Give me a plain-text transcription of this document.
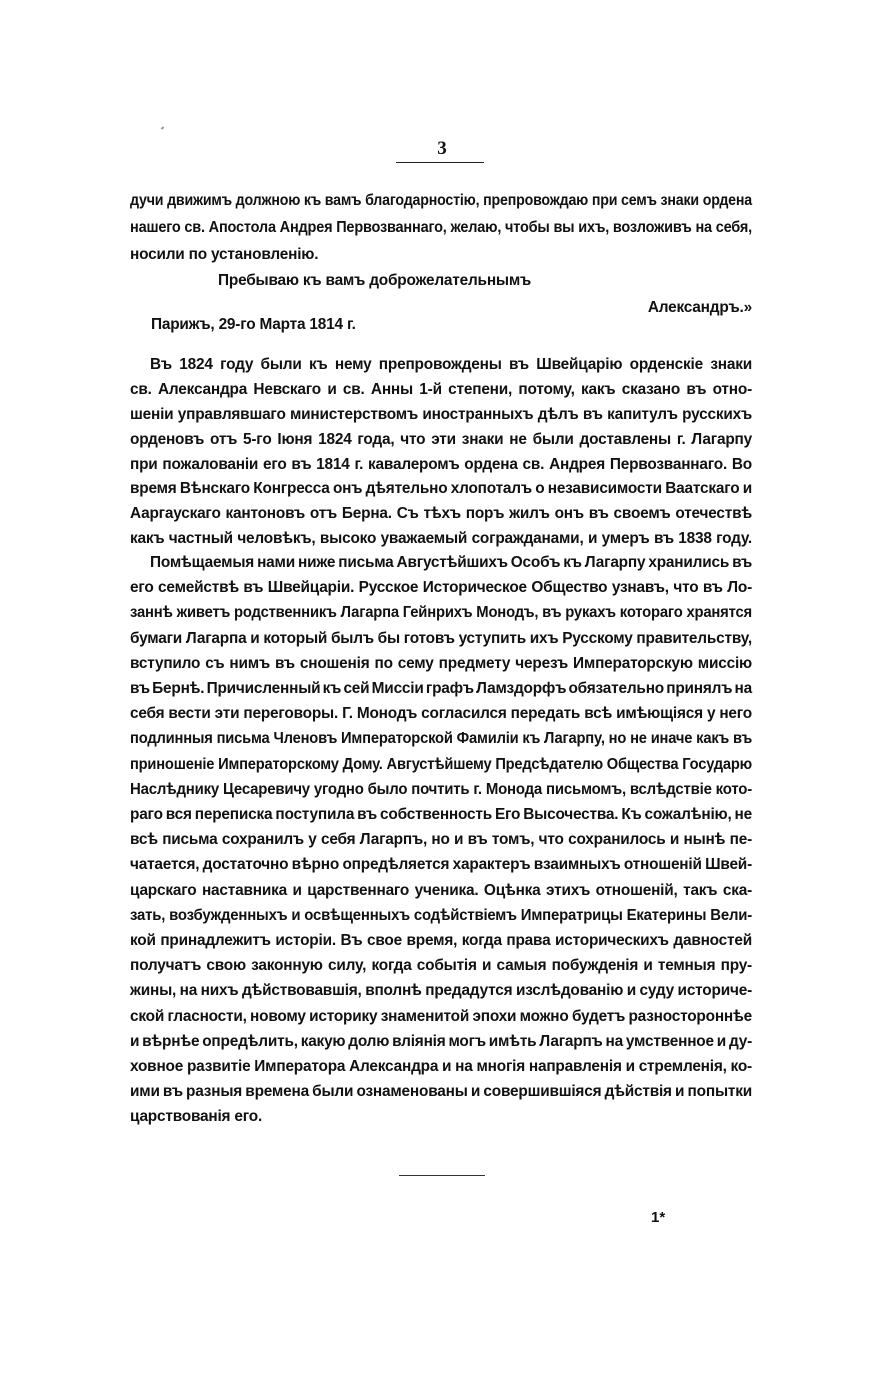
3
дучи движимъ должною къ вамъ благодарностію, препровождаю при семъ знаки ордена
нашего св. Апостола Андрея Первозваннаго, желаю, чтобы вы ихъ, возложивъ на себя,
носили по установленію.
Пребываю къ вамъ доброжелательнымъ
Александръ.»
Парижъ, 29-го Марта 1814 г.
Въ 1824 году были къ нему препровождены въ Швейцарію орденскіе знаки
св. Александра Невскаго и св. Анны 1-й степени, потому, какъ сказано въ отно-
шеніи управлявшаго министерствомъ иностранныхъ дѣлъ въ капитулъ русскихъ
орденовъ отъ 5-го Іюня 1824 года, что эти знаки не были доставлены г. Лагарпу
при пожалованіи его въ 1814 г. кавалеромъ ордена св. Андрея Первозваннаго. Во
время Вѣнскаго Конгресса онъ дѣятельно хлопоталъ о независимости Ваатскаго и
Ааргаускаго кантоновъ отъ Берна. Съ тѣхъ поръ жилъ онъ въ своемъ отечествѣ
какъ частный человѣкъ, высоко уважаемый согражданами, и умеръ въ 1838 году.
Помѣщаемыя нами ниже письма Августѣйшихъ Особъ къ Лагарпу хранились въ
его семействѣ въ Швейцаріи. Русское Историческое Общество узнавъ, что въ Ло-
заннѣ живетъ родственникъ Лагарпа Гейнрихъ Монодъ, въ рукахъ котораго хранятся
бумаги Лагарпа и который былъ бы готовъ уступить ихъ Русскому правительству,
вступило съ нимъ въ сношенія по сему предмету черезъ Императорскую миссію
въ Бернѣ. Причисленный къ сей Миссіи графъ Ламздорфъ обязательно принялъ на
себя вести эти переговоры. Г. Монодъ согласился передать всѣ имѣющіяся у него
подлинныя письма Членовъ Императорской Фамиліи къ Лагарпу, но не иначе какъ въ
приношеніе Императорскому Дому. Августѣйшему Предсѣдателю Общества Государю
Наслѣднику Цесаревичу угодно было почтить г. Монода письмомъ, вслѣдствіе кото-
раго вся переписка поступила въ собственность Его Высочества. Къ сожалѣнію, не
всѣ письма сохранилъ у себя Лагарпъ, но и въ томъ, что сохранилось и нынѣ пе-
чатается, достаточно вѣрно опредѣляется характеръ взаимныхъ отношеній Швей-
царскаго наставника и царственнаго ученика. Оцѣнка этихъ отношеній, такъ ска-
зать, возбужденныхъ и освѣщенныхъ содѣйствіемъ Императрицы Екатерины Вели-
кой принадлежитъ исторіи. Въ свое время, когда права историческихъ давностей
получатъ свою законную силу, когда событія и самыя побужденія и темныя пру-
жины, на нихъ дѣйствовавшія, вполнѣ предадутся изслѣдованію и суду историче-
ской гласности, новому историку знаменитой эпохи можно будетъ разностороннѣе
и вѣрнѣе опредѣлить, какую долю вліянія могъ имѣть Лагарпъ на умственное и ду-
ховное развитіе Императора Александра и на многія направленія и стремленія, ко-
ими въ разныя времена были ознаменованы и совершившіяся дѣйствія и попытки
царствованія его.
1*
